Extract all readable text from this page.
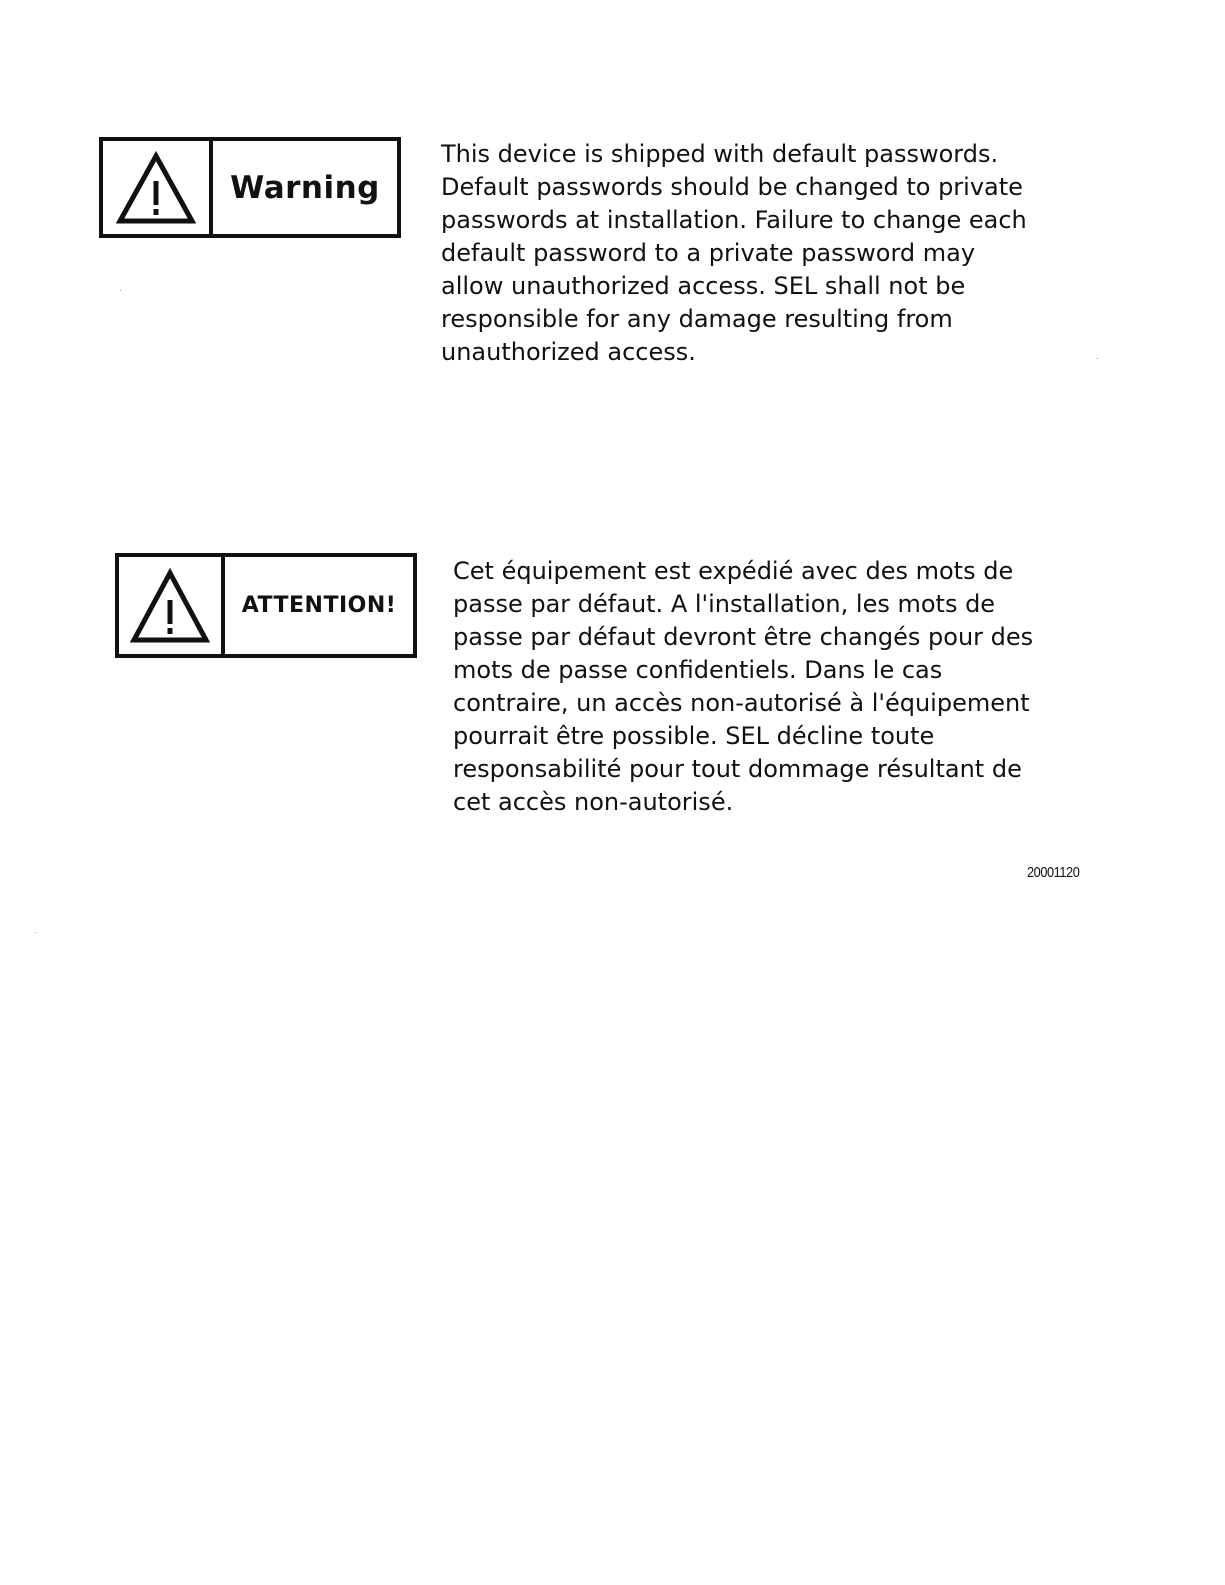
Warning

This device is shipped with default passwords.
Default passwords should be changed to private
passwords at installation. Failure to change each
default password to a private password may
allow unauthorized access. SEL shall not be
responsible for any damage resulting from
unauthorized access.

ATTENTION!

Cet équipement est expédié avec des mots de
passe par défaut. A l'installation, les mots de
passe par défaut devront être changés pour des
mots de passe confidentiels. Dans le cas
contraire, un accès non-autorisé à l'équipement
pourrait être possible. SEL décline toute
responsabilité pour tout dommage résultant de
cet accès non-autorisé.

20001120
